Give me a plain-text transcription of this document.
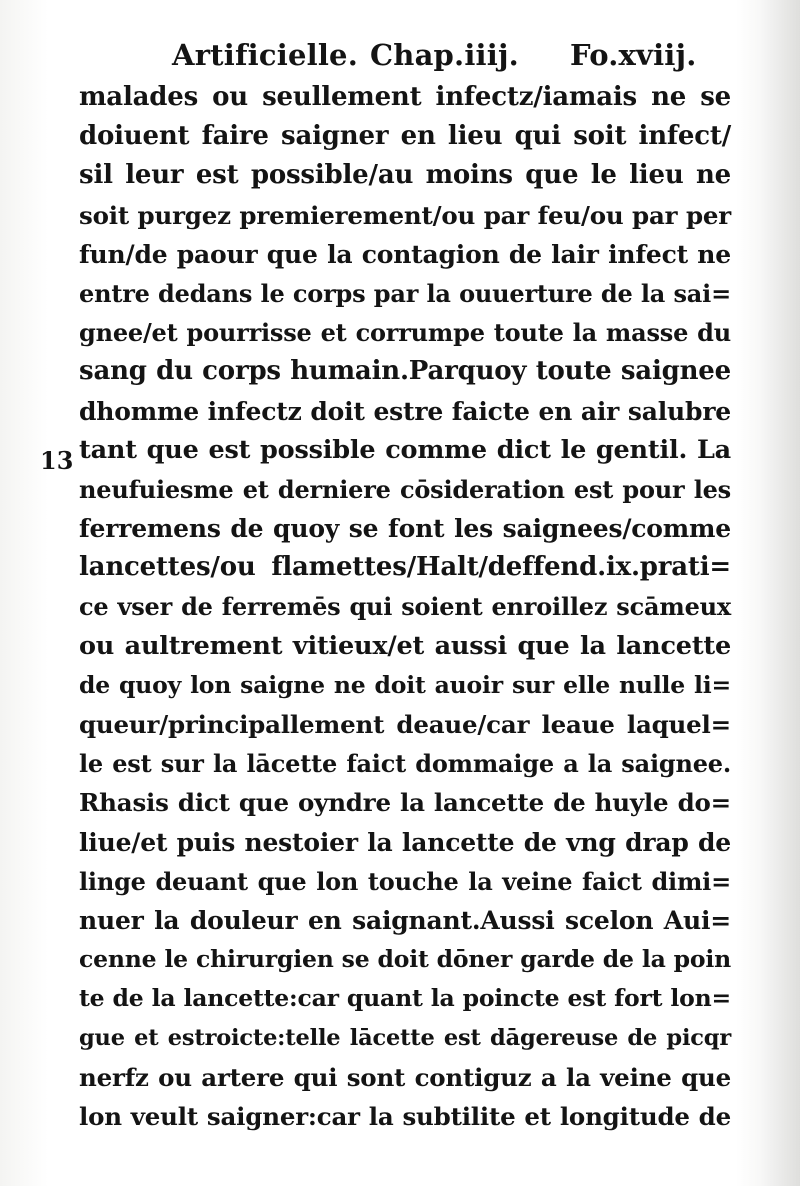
Artificielle. Chap.iiij. Fo.xviij.
13
malades ou seullement infectz/iamais ne se
doiuent faire saigner en lieu qui soit infect/
sil leur est possible/au moins que le lieu ne
soit purgez premierement/ou par feu/ou par per
fun/de paour que la contagion de lair infect ne
entre dedans le corps par la ouuerture de la sai=
gnee/et pourrisse et corrumpe toute la masse du
sang du corps humain.Parquoy toute saignee
dhomme infectz doit estre faicte en air salubre
tant que est possible comme dict le gentil. La
neufuiesme et derniere cōsideration est pour les
ferremens de quoy se font les saignees/comme
lancettes/ou flamettes/Halt/deffend.ix.prati=
ce vser de ferremēs qui soient enroillez scāmeux
ou aultrement vitieux/et aussi que la lancette
de quoy lon saigne ne doit auoir sur elle nulle li=
queur/principallement deaue/car leaue laquel=
le est sur la lācette faict dommaige a la saignee.
Rhasis dict que oyndre la lancette de huyle do=
liue/et puis nestoier la lancette de vng drap de
linge deuant que lon touche la veine faict dimi=
nuer la douleur en saignant.Aussi scelon Aui=
cenne le chirurgien se doit dōner garde de la poin
te de la lancette:car quant la poincte est fort lon=
gue et estroicte:telle lācette est dāgereuse de picqr
nerfz ou artere qui sont contiguz a la veine que
lon veult saigner:car la subtilite et longitude de
